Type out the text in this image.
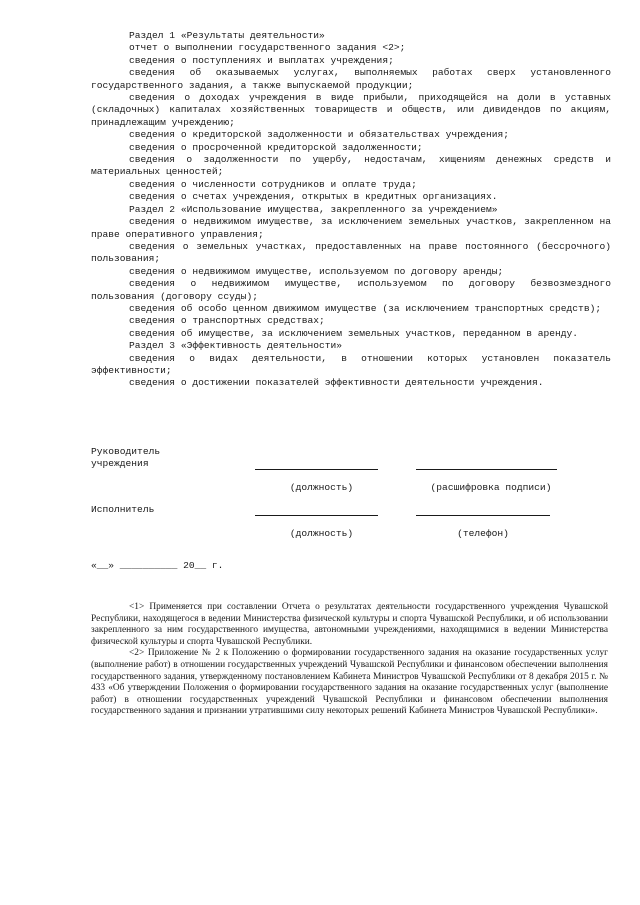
Раздел 1 «Результаты деятельности»

отчет о выполнении государственного задания <2>;

сведения о поступлениях и выплатах учреждения;

сведения об оказываемых услугах, выполняемых работах сверх установленного государственного задания, а также выпускаемой продукции;

сведения о доходах учреждения в виде прибыли, приходящейся на доли в уставных (складочных) капиталах хозяйственных товариществ и обществ, или дивидендов по акциям, принадлежащим учреждению;

сведения о кредиторской задолженности и обязательствах учреждения;

сведения о просроченной кредиторской задолженности;

сведения о задолженности по ущербу, недостачам, хищениям денежных средств и материальных ценностей;

сведения о численности сотрудников и оплате труда;

сведения о счетах учреждения, открытых в кредитных организациях.

Раздел 2 «Использование имущества, закрепленного за учреждением»

сведения о недвижимом имуществе, за исключением земельных участков, закрепленном на праве оперативного управления;

сведения о земельных участках, предоставленных на праве постоянного (бессрочного) пользования;

сведения о недвижимом имуществе, используемом по договору аренды;

сведения о недвижимом имуществе, используемом по договору безвозмездного пользования (договору ссуды);

сведения об особо ценном движимом имуществе (за исключением транспортных средств);

сведения о транспортных средствах;

сведения об имуществе, за исключением земельных участков, переданном в аренду.

Раздел 3 «Эффективность деятельности»

сведения о видах деятельности, в отношении которых установлен показатель эффективности;

сведения о достижении показателей эффективности деятельности учреждения.

Руководитель
учреждения
(должность)	(расшифровка подписи)
Исполнитель
(должность)	(телефон)
«__» __________ 20__ г.

<1> Применяется при составлении Отчета о результатах деятельности государственного учреждения Чувашской Республики, находящегося в ведении Министерства физической культуры и спорта Чувашской Республики, и об использовании закрепленного за ним государственного имущества, автономными учреждениями, находящимися в ведении Министерства физической культуры и спорта Чувашской Республики.

<2> Приложение № 2 к Положению о формировании государственного задания на оказание государственных услуг (выполнение работ) в отношении государственных учреждений Чувашской Республики и финансовом обеспечении выполнения государственного задания, утвержденному постановлением Кабинета Министров Чувашской Республики от 8 декабря 2015 г. № 433 «Об утверждении Положения о формировании государственного задания на оказание государственных услуг (выполнение работ) в отношении государственных учреждений Чувашской Республики и финансовом обеспечении выполнения государственного задания и признании утратившими силу некоторых решений Кабинета Министров Чувашской Республики».
